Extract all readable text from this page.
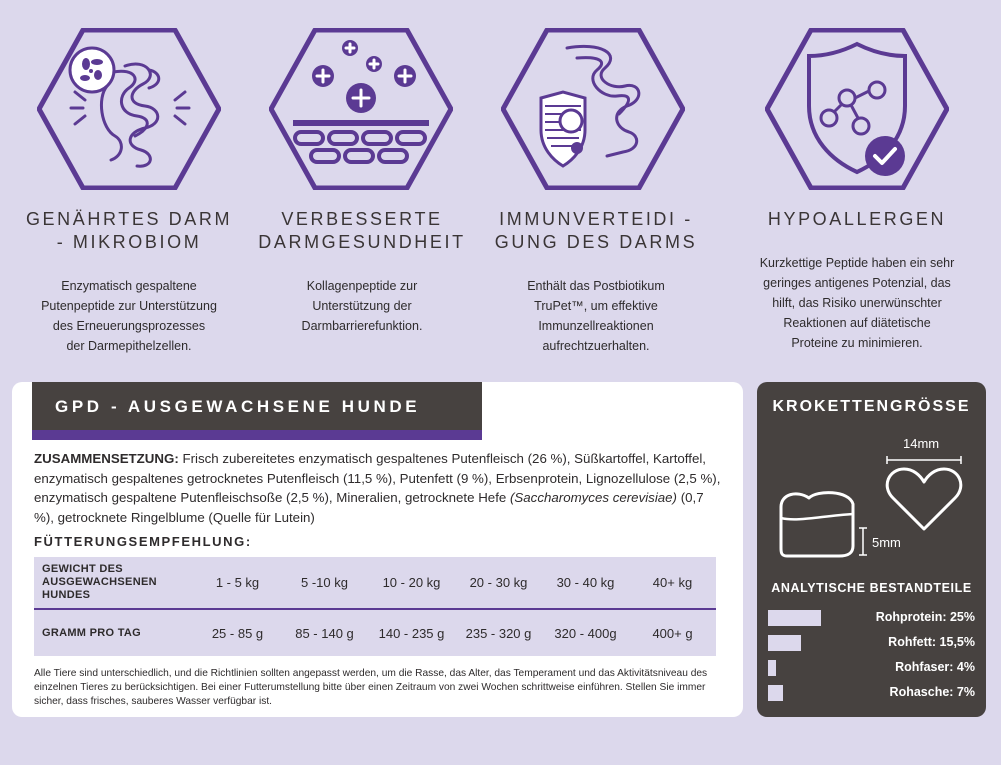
GENÄHRTES DARM
- MIKROBIOM
Enzymatisch gespaltene
Putenpeptide zur Unterstützung
des Erneuerungsprozesses
der Darmepithelzellen.
VERBESSERTE
DARMGESUNDHEIT
Kollagenpeptide zur
Unterstützung der
Darmbarrierefunktion.
IMMUNVERTEIDI -
GUNG DES DARMS
Enthält das Postbiotikum
TruPet™, um effektive
Immunzellreaktionen
aufrechtzuerhalten.
HYPOALLERGEN
Kurzkettige Peptide haben ein sehr
geringes antigenes Potenzial, das
hilft, das Risiko unerwünschter
Reaktionen auf diätetische
Proteine zu minimieren.
GPD - AUSGEWACHSENE HUNDE
ZUSAMMENSETZUNG: Frisch zubereitetes enzymatisch gespaltenes Putenfleisch (26 %), Süßkartoffel, Kartoffel, enzymatisch gespaltenes getrocknetes Putenfleisch (11,5 %), Putenfett (9 %), Erbsenprotein, Lignozellulose (2,5 %), enzymatisch gespaltene Putenfleischsoße (2,5 %), Mineralien, getrocknete Hefe (Saccharomyces cerevisiae) (0,7 %), getrocknete Ringelblume (Quelle für Lutein)
FÜTTERUNGSEMPFEHLUNG:
GEWICHT DES
AUSGEWACHSENEN
HUNDES
1 - 5 kg	5 -10 kg	10 - 20 kg	20 - 30 kg	30 - 40 kg	40+ kg
GRAMM PRO TAG	25 - 85 g	85 - 140 g	140 - 235 g	235 - 320 g	320 - 400g	400+ g
Alle Tiere sind unterschiedlich, und die Richtlinien sollten angepasst werden, um die Rasse, das Alter, das Temperament und das Aktivitätsniveau des einzelnen Tieres zu berücksichtigen. Bei einer Futterumstellung bitte über einen Zeitraum von zwei Wochen schrittweise einführen. Stellen Sie immer sicher, dass frisches, sauberes Wasser verfügbar ist.
KROKETTENGRÖSSE
14mm
5mm
ANALYTISCHE BESTANDTEILE
Rohprotein: 25%
Rohfett: 15,5%
Rohfaser: 4%
Rohasche: 7%
